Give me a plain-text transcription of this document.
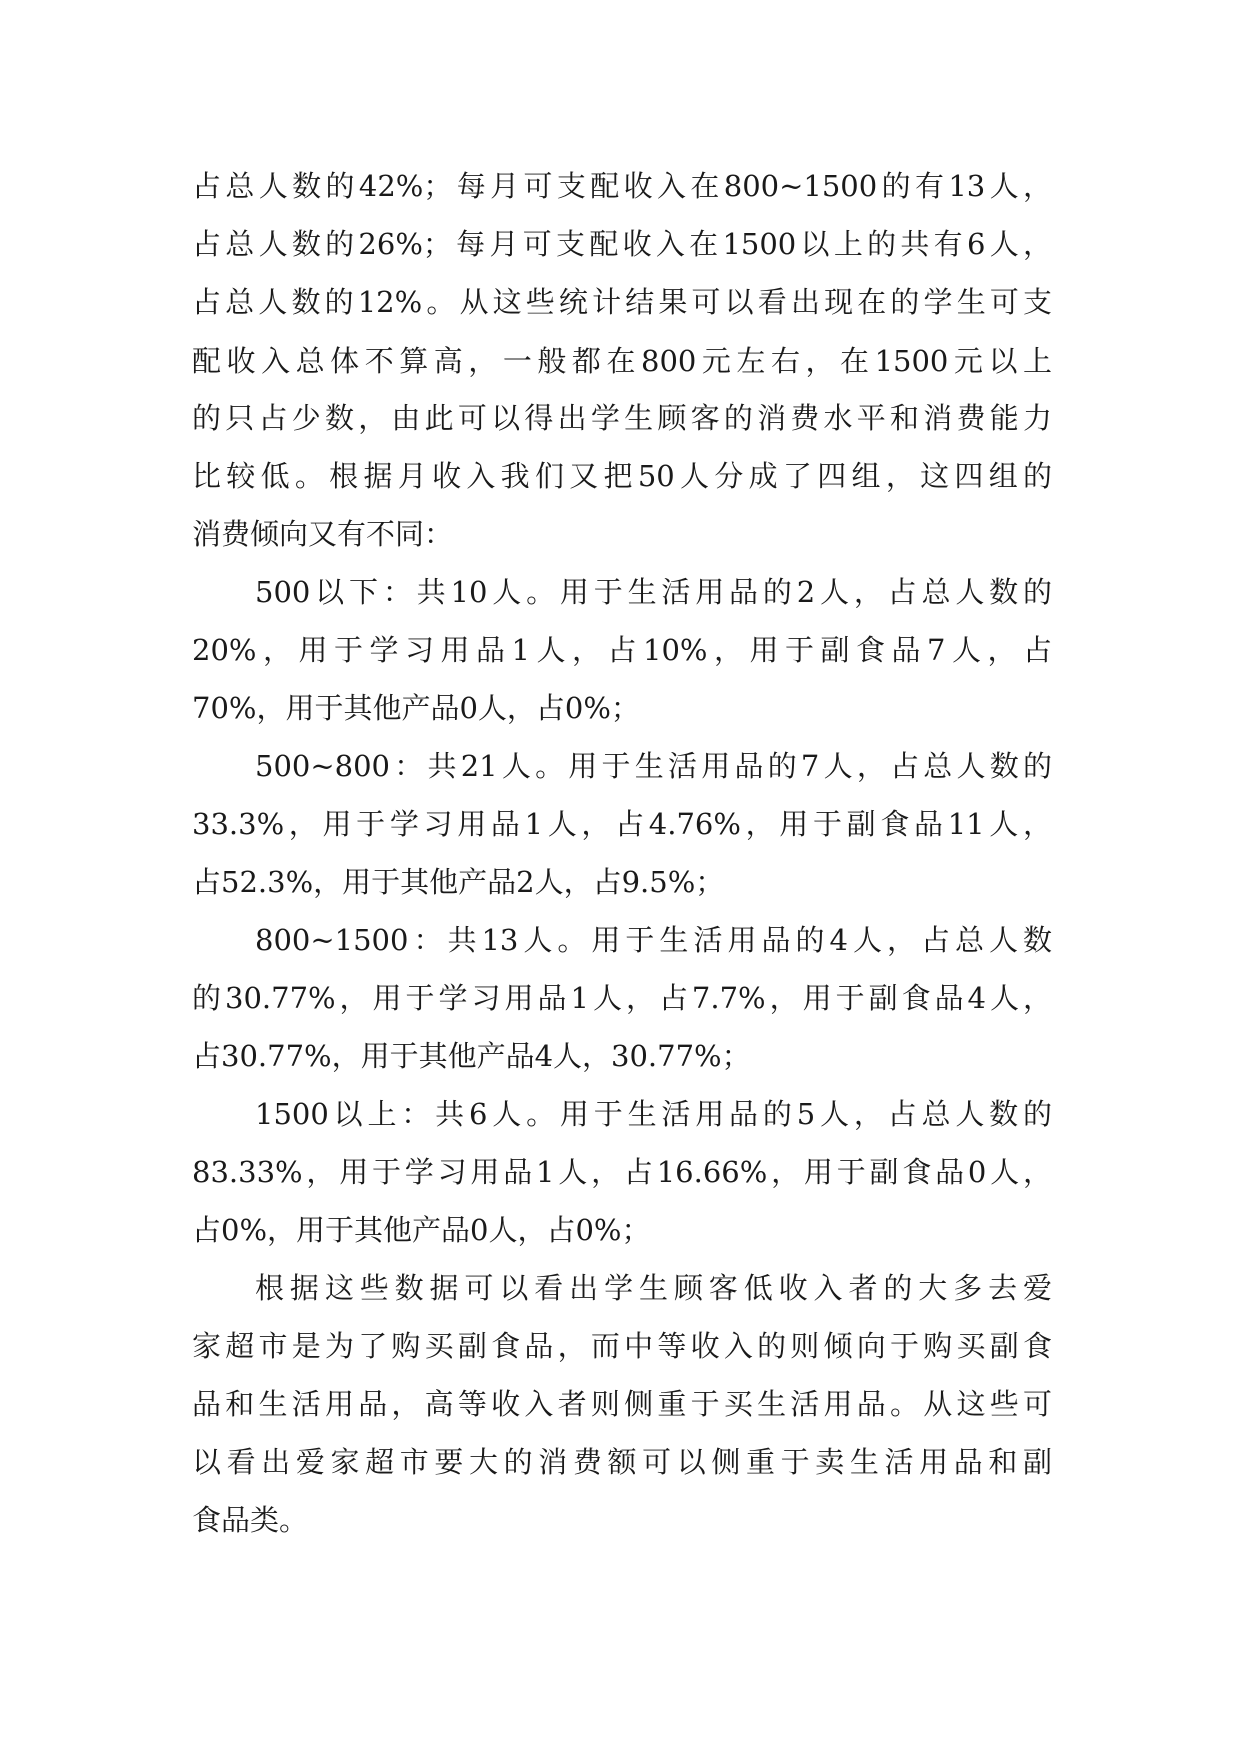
占总人数的42%；每月可支配收入在800~1500的有13人，
占总人数的26%；每月可支配收入在1500以上的共有6人，
占总人数的12%。从这些统计结果可以看出现在的学生可支
配收入总体不算高，一般都在800元左右，在1500元以上
的只占少数，由此可以得出学生顾客的消费水平和消费能力
比较低。根据月收入我们又把50人分成了四组，这四组的
消费倾向又有不同：
500以下：共10人。用于生活用品的2人，占总人数的
20%，用于学习用品1人，占10%，用于副食品7人，占
70%，用于其他产品0人，占0%；
500~800：共21人。用于生活用品的7人，占总人数的
33.3%，用于学习用品1人，占4.76%，用于副食品11人，
占52.3%，用于其他产品2人，占9.5%；
800~1500：共13人。用于生活用品的4人，占总人数
的30.77%，用于学习用品1人，占7.7%，用于副食品4人，
占30.77%，用于其他产品4人，30.77%；
1500以上：共6人。用于生活用品的5人，占总人数的
83.33%，用于学习用品1人，占16.66%，用于副食品0人，
占0%，用于其他产品0人，占0%；
根据这些数据可以看出学生顾客低收入者的大多去爱
家超市是为了购买副食品，而中等收入的则倾向于购买副食
品和生活用品，高等收入者则侧重于买生活用品。从这些可
以看出爱家超市要大的消费额可以侧重于卖生活用品和副
食品类。
